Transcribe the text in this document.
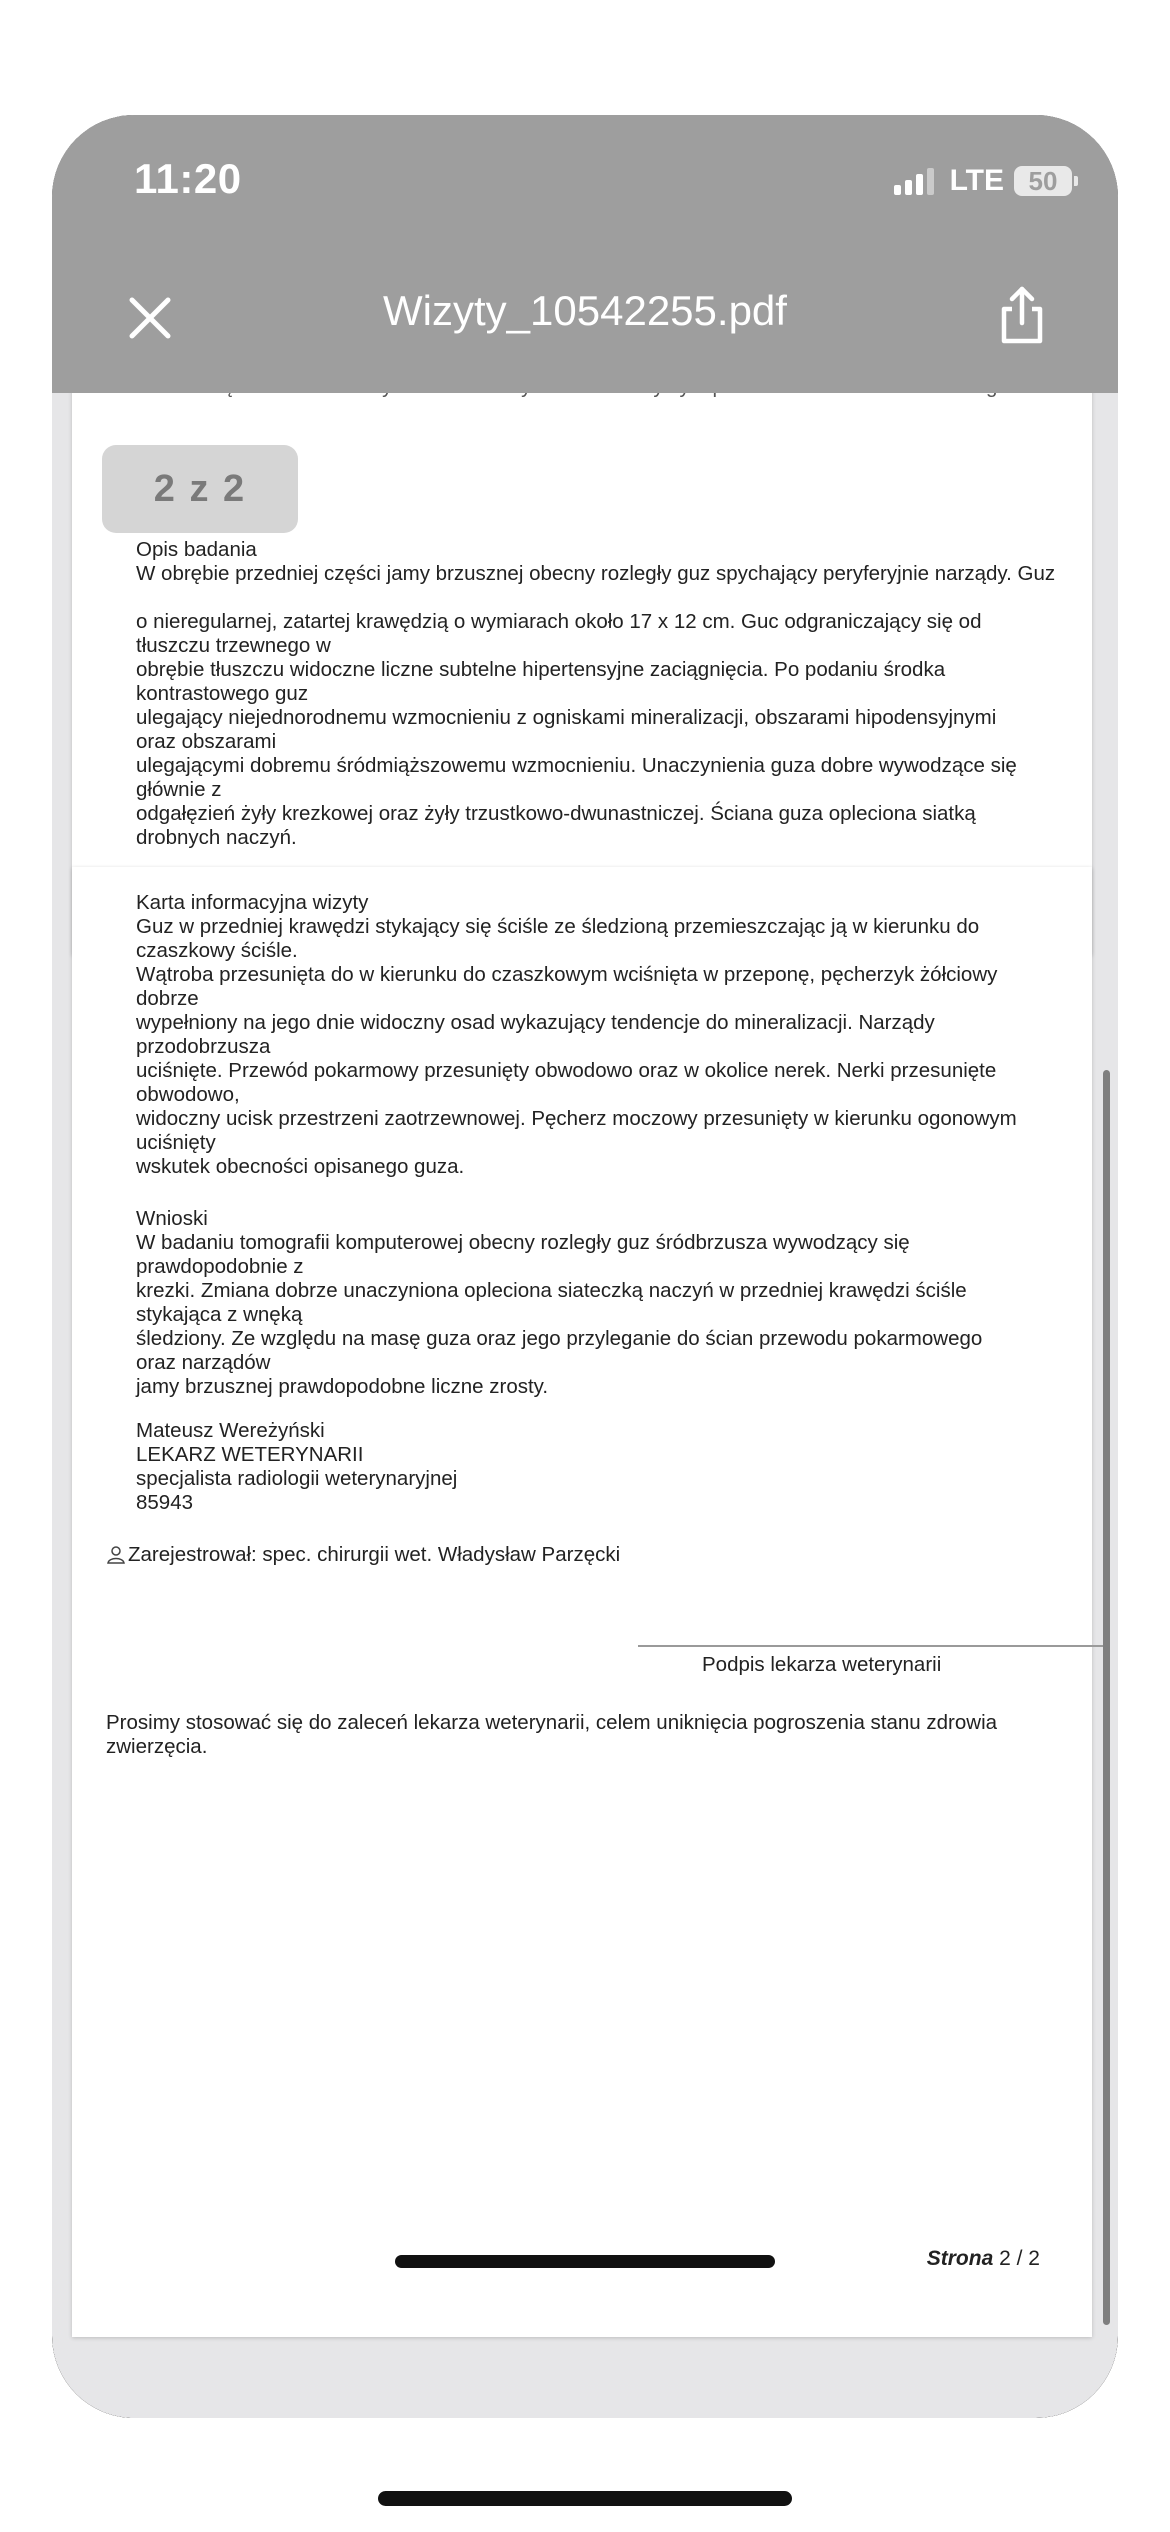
11:20	LTE 50
Wizyty_10542255.pdf
2 z 2
Opis badania
W obrębie przedniej części jamy brzusznej obecny rozległy guz spychający peryferyjnie narządy. Guz
o nieregularnej, zatartej krawędzią o wymiarach około 17 x 12 cm. Guc odgraniczający się od
tłuszczu trzewnego w
obrębie tłuszczu widoczne liczne subtelne hipertensyjne zaciągnięcia. Po podaniu środka
kontrastowego guz
ulegający niejednorodnemu wzmocnieniu z ogniskami mineralizacji, obszarami hipodensyjnymi
oraz obszarami
ulegającymi dobremu śródmiąższowemu wzmocnieniu. Unaczynienia guza dobre wywodzące się
głównie z
odgałęzień żyły krezkowej oraz żyły trzustkowo-dwunastniczej. Ściana guza opleciona siatką
drobnych naczyń.
Karta informacyjna wizyty
Guz w przedniej krawędzi stykający się ściśle ze śledzioną przemieszczając ją w kierunku do
czaszkowy ściśle.
Wątroba przesunięta do w kierunku do czaszkowym wciśnięta w przeponę, pęcherzyk żółciowy
dobrze
wypełniony na jego dnie widoczny osad wykazujący tendencje do mineralizacji. Narządy
przodobrzusza
uciśnięte. Przewód pokarmowy przesunięty obwodowo oraz w okolice nerek. Nerki przesunięte
obwodowo,
widoczny ucisk przestrzeni zaotrzewnowej. Pęcherz moczowy przesunięty w kierunku ogonowym
uciśnięty
wskutek obecności opisanego guza.
Wnioski
W badaniu tomografii komputerowej obecny rozległy guz śródbrzusza wywodzący się
prawdopodobnie z
krezki. Zmiana dobrze unaczyniona opleciona siateczką naczyń w przedniej krawędzi ściśle
stykająca z wnęką
śledziony. Ze względu na masę guza oraz jego przyleganie do ścian przewodu pokarmowego
oraz narządów
jamy brzusznej prawdopodobne liczne zrosty.
Mateusz Wereżyński
LEKARZ WETERYNARII
specjalista radiologii weterynaryjnej
85943
Zarejestrował: spec. chirurgii wet. Władysław Parzęcki
Podpis lekarza weterynarii
Prosimy stosować się do zaleceń lekarza weterynarii, celem uniknięcia pogroszenia stanu zdrowia
zwierzęcia.
Strona 2 / 2
